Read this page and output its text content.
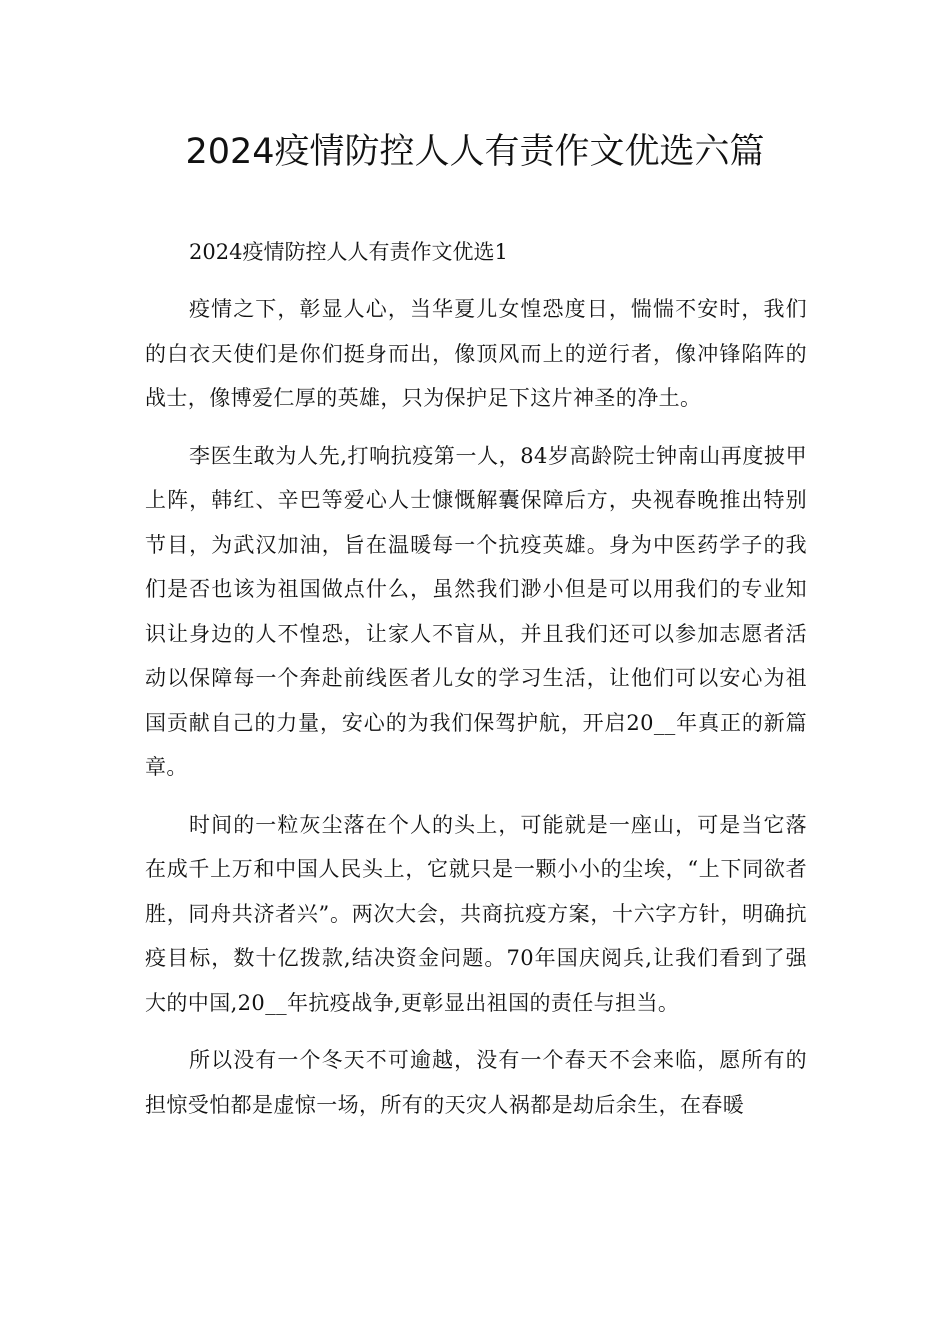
2024疫情防控人人有责作文优选六篇

2024疫情防控人人有责作文优选1

疫情之下，彰显人心，当华夏儿女惶恐度日，惴惴不安时，我们的白衣天使们是你们挺身而出，像顶风而上的逆行者，像冲锋陷阵的战士，像博爱仁厚的英雄，只为保护足下这片神圣的净土。

李医生敢为人先,打响抗疫第一人，84岁高龄院士钟南山再度披甲上阵，韩红、辛巴等爱心人士慷慨解囊保障后方，央视春晚推出特别节目，为武汉加油，旨在温暖每一个抗疫英雄。身为中医药学子的我们是否也该为祖国做点什么，虽然我们渺小但是可以用我们的专业知识让身边的人不惶恐，让家人不盲从，并且我们还可以参加志愿者活动以保障每一个奔赴前线医者儿女的学习生活，让他们可以安心为祖国贡献自己的力量，安心的为我们保驾护航，开启20__年真正的新篇章。

时间的一粒灰尘落在个人的头上，可能就是一座山，可是当它落在成千上万和中国人民头上，它就只是一颗小小的尘埃，“上下同欲者胜，同舟共济者兴”。两次大会，共商抗疫方案，十六字方针，明确抗疫目标，数十亿拨款,结决资金问题。70年国庆阅兵,让我们看到了强大的中国,20__年抗疫战争,更彰显出祖国的责任与担当。

所以没有一个冬天不可逾越，没有一个春天不会来临，愿所有的担惊受怕都是虚惊一场，所有的天灾人祸都是劫后余生，在春暖
